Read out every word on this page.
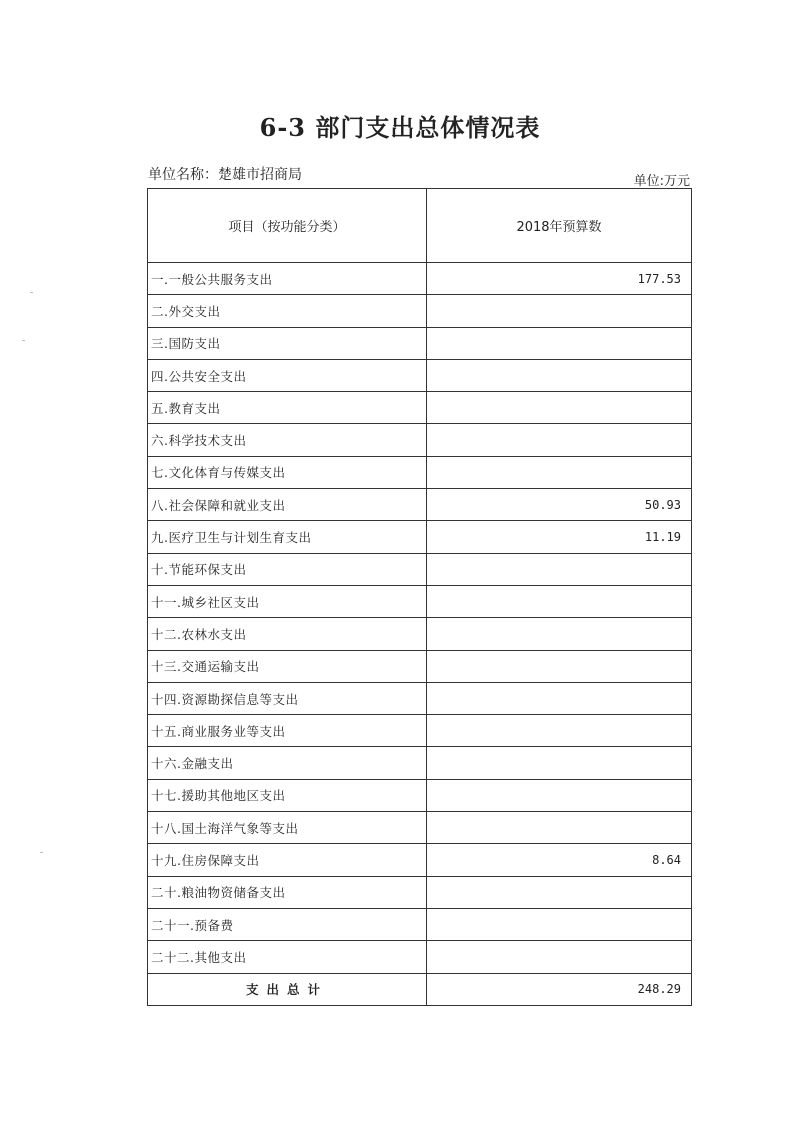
6-3 部门支出总体情况表
单位名称：楚雄市招商局	单位:万元
项目（按功能分类）	2018年预算数
一.一般公共服务支出	177.53
二.外交支出	
三.国防支出	
四.公共安全支出	
五.教育支出	
六.科学技术支出	
七.文化体育与传媒支出	
八.社会保障和就业支出	50.93
九.医疗卫生与计划生育支出	11.19
十.节能环保支出	
十一.城乡社区支出	
十二.农林水支出	
十三.交通运输支出	
十四.资源勘探信息等支出	
十五.商业服务业等支出	
十六.金融支出	
十七.援助其他地区支出	
十八.国土海洋气象等支出	
十九.住房保障支出	8.64
二十.粮油物资储备支出	
二十一.预备费	
二十二.其他支出	
支出总计	248.29
